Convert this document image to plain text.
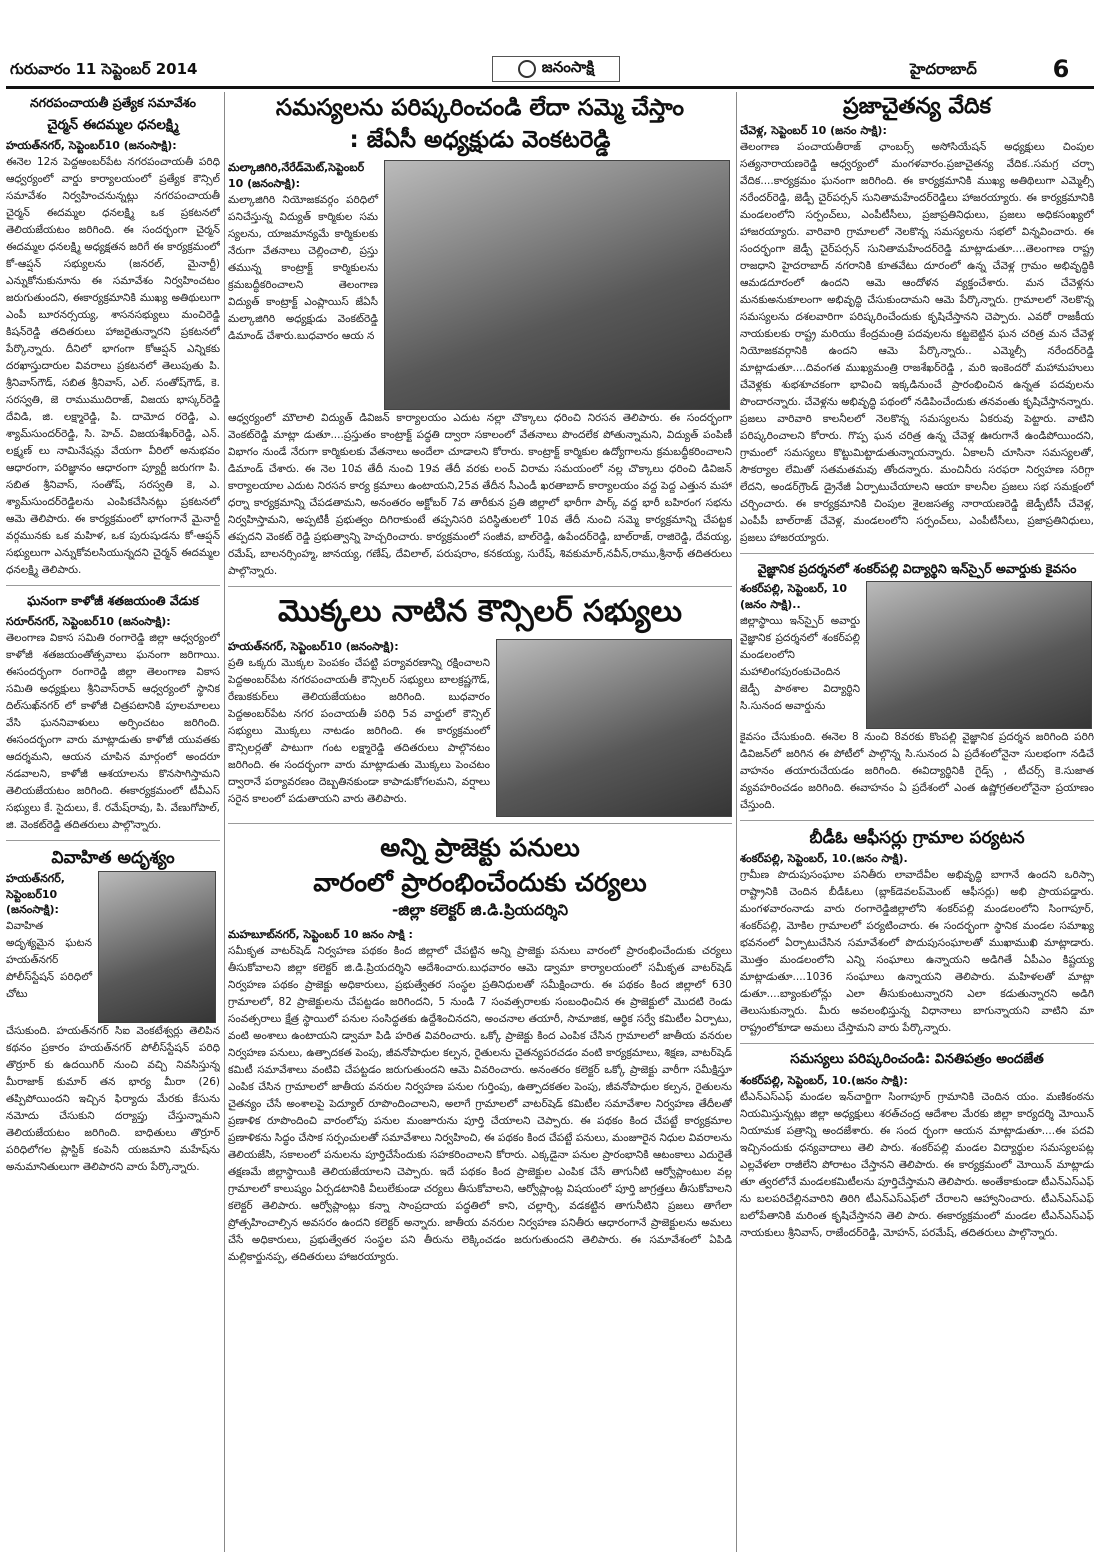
గురువారం 11 సెప్టెంబర్ 2014	జనంసాక్షి	హైదరాబాద్	6
నగరపంచాయతీ ప్రత్యేక సమావేశం
చైర్మన్ ఈదమ్మల ధనలక్ష్మి
హయత్‌నగర్, సెప్టెంబర్10 (జనంసాక్షి):
ఈనెల 12న పెద్దఅంబర్‌పేట నగరపంచాయతీ పరిధి ఆధ్వర్యంలో వార్డు కార్యాలయంలో ప్రత్యేక కౌన్సిల్ సమావేశం నిర్వహించనున్నట్లు నగరపంచాయతీ చైర్మన్ ఈదమ్మల ధనలక్ష్మి ఒక ప్రకటనలో తెలియజేయటం జరిగింది. ఈ సందర్భంగా చైర్మన్ ఈదమ్మల ధనలక్ష్మి అధ్యక్షతన జరిగే ఈ కార్యక్రమంలో కో-ఆప్షన్ సభ్యులను (జనరల్, మైనార్టీ) ఎన్నుకోనుకునూను ఈ సమావేశం నిర్వహించటం జరుగుతుందని, ఈకార్యక్రమానికి ముఖ్య అతిథులుగా ఎంపీ బూరనర్సయ్య, శాసనసభ్యులు మంచిరెడ్డి కిషన్‌రెడ్డి తదితరులు హాజరైతున్నారని ప్రకటనలో పేర్కొన్నారు. దీనిలో భాగంగా కోఆప్షన్ ఎన్నికకు దరఖాస్తుదారుల వివరాలు ప్రకటనలో తెలుపుతు పి. శ్రీనివాస్‌గౌడ్, సబిత శ్రీనివాస్, ఎల్. సంతోష్‌గౌడ్, కె. సరస్వతి, జె రాముముదిరాజ్, విజయ భాస్కర్‌రెడ్డి దేవిడి, జి. లక్ష్మారెడ్డి, పి. దామోద రరెడ్డి, ఎ. శ్యామ్‌సుందర్‌రెడ్డి, సి. హెచ్. విజయశేఖర్‌రెడ్డి, ఎన్. లక్ష్మణ్ లు నామినేషన్లు వేయగా వీరిలో అనుభవం ఆధారంగా, పరిజ్ఞానం ఆధారంగా ప్యూర్టీ జరుగగా పి. సబిత శ్రీనివాస్, సంతోష్, సరస్వతి కె, ఎ. శ్యామ్‌సుందర్‌రెడ్డిలను ఎంపికచేసినట్లు ప్రకటనలో ఆమె తెలిపారు. ఈ కార్యక్రమంలో భాగంగానే మైనార్టీ వర్గమునకు ఒక మహిళ, ఒక పురుషుడను కో-ఆప్షన్ సభ్యులుగా ఎన్నుకోవలసియున్నదని చైర్మన్ ఈదమ్మల ధనలక్ష్మి తెలిపారు.
ఘనంగా కాళోజీ శతజయంతి వేడుక
సరూర్‌నగర్, సెప్టెంబర్10 (జనంసాక్షి):
తెలంగాణ వికాస సమితి రంగారెడ్డి జిల్లా ఆధ్వర్యంలో కాళోజీ శతజయంతోత్సవాలు ఘనంగా జరిగాయి. ఈసందర్భంగా రంగారెడ్డి జిల్లా తెలంగాణ వికాస సమితి అధ్యక్షులు శ్రీనివాస్‌రావ్ ఆధ్వర్యంలో స్థానిక దిల్‌సుఖ్‌నగర్ లో కాళోజీ చిత్రపటానికి పూలమాలలు వేసి ఘననివాళులు అర్పించటం జరిగింది. ఈసందర్భంగా వారు మాట్లాడుతు కాళోజీ యువతకు ఆదర్శమని, ఆయన చూపిన మార్గంలో అందరూ నడవాలని, కాళోజీ ఆశయాలను కొనసాగిస్తామని తెలియజేయటం జరిగింది. ఈకార్యక్రమంలో టీవీఎస్ సభ్యులు కే. సైదులు, కే. రమేష్‌రావు, పి. వేణుగోపాల్, జి. వెంకట్‌రెడ్డి తదితరులు పాల్గొన్నారు.
వివాహిత అదృశ్యం
హయత్‌నగర్, సెప్టెంబర్10 (జనంసాక్షి):
వివాహిత అదృశ్యమైన ఘటన హయత్‌నగర్ పోలీస్‌స్టేషన్ పరిధిలో చోటు
చేసుకుంది. హయత్‌నగర్ సిఐ వెంకటేశ్వర్లు తెలిపిన కథనం ప్రకారం హయత్‌నగర్ పోలీస్‌స్టేషన్ పరిధి తొర్రూర్ కు ఉదయిగిర్ నుంచి వచ్చి నివసిస్తున్న మీరాజాక్ కుమార్ తన భార్య మీరా (26) తప్పిపోయిందని ఇచ్చిన ఫిర్యాదు మేరకు కేసును నమోదు చేసుకుని దర్యాప్తు చేస్తున్నామని తెలియజేయటం జరిగింది. బాధితులు తొర్రూర్ పరిధిలోగల ప్లాస్టిక్ కంపెనీ యజమాని మహేష్‌ను అనుమానితులుగా తెలిపారని వారు పేర్కొన్నారు.
సమస్యలను పరిష్కరించండి లేదా సమ్మె చేస్తాం
: జేఏసీ అధ్యక్షుడు వెంకటరెడ్డి
మల్కాజిగిరి,నేరేడ్‌మెట్,సెప్టెంబర్ 10 (జనంసాక్షి):
మల్కాజిగిరి నియోజకవర్గం పరిధిలో పనిచేస్తున్న విద్యుత్ కార్మికుల సమ స్యలను, యాజమాన్యమే కార్మికులకు నేరుగా వేతనాలు చెల్లించాలి, ప్రస్తు తమున్న కాంట్రాక్ట్ కార్మికులను క్రమబద్ధీకరించాలని తెలంగాణ విద్యుత్ కాంట్రాక్ట్ ఎంప్లాయిస్ జేఏసీ మల్కాజిగిరి అధ్యక్షుడు వెంకట్‌రెడ్డి డిమాండ్ చేశారు.బుధవారం ఆయ న
ఆధ్వర్యంలో మౌలాలి విద్యుత్ డివిజన్ కార్యాలయం ఎదుట నల్లా చొక్కాలు ధరించి నిరసన తెలిపారు. ఈ సందర్భంగా వెంకట్‌రెడ్డి మాట్లా డుతూ....ప్రస్తుతం కాంట్రాక్ట్ పద్ధతి ద్వారా సకాలంలో వేతనాలు పొందలేక పోతున్నామని, విద్యుత్ పంపిణీ విభాగం నుండే నేరుగా కార్మికులకు వేతనాలు అందేలా చూడాలని కోరారు. కాంట్రాక్ట్ కార్మికుల ఉద్యోగాలను క్రమబద్ధీకరించాలని డిమాండ్ చేశారు. ఈ నెల 10వ తేదీ నుంచి 19వ తేదీ వరకు లంచ్ విరామ సమయంలో నల్ల చొక్కాలు ధరించి డివిజన్ కార్యాలయాల ఎదుట నిరసన కార్య క్రమాలు ఉంటాయని,25వ తేదీన సీఎండీ ఖరతాబాద్ కార్యాలయం వద్ద పెద్ద ఎత్తున మహా ధర్నా కార్యక్రమాన్ని చేపడతామని, అనంతరం అక్టోబర్ 7వ తారీకున ప్రతి జిల్లాలో భారీగా పార్క్ వద్ద భారీ బహిరంగ సభను నిర్వహిస్తామని, అప్పటికీ ప్రభుత్వం దిగిరాకుంటే తప్పనిసరి పరిస్థితులలో 10వ తేదీ నుంచి సమ్మె కార్యక్రమాన్ని చేపట్టక తప్పదని వెంకట్ రెడ్డి ప్రభుత్వాన్ని హెచ్చరించారు. కార్యక్రమంలో సంజీవ, బాల్‌రెడ్డి, ఉపేందర్‌రెడ్డి, బాల్‌రాజ్, రాజిరెడ్డి, దేవయ్య, రమేష్, బాలనర్సింహ్మ, జానయ్య, గణేష్, దేవిలాల్, పరుషరాం, కనకయ్య, సురేష్, శివకుమార్,నవీన్,రాము,శ్రీనాథ్ తదితరులు పాల్గొన్నారు.
మొక్కలు నాటిన కౌన్సిలర్ సభ్యులు
హయత్‌నగర్, సెప్టెంబర్10 (జనంసాక్షి):
ప్రతి ఒక్కరు మొక్కల పెంపకం చేపట్టి పర్యావరణాన్ని రక్షించాలని పెద్దఅంబర్‌పేట నగరపంచాయతీ కౌన్సిలర్ సభ్యులు బాలక్రష్ణగౌడ్, రేణుకకుర్‌లు తెలియజేయటం జరిగింది. బుధవారం పెద్దఅంబర్‌పేట నగర పంచాయతీ పరిధి 5వ వార్డులో కౌన్సిల్ సభ్యులు మొక్కలు నాటడం జరిగింది. ఈ కార్యక్రమంలో కౌన్సిలర్లతో పాటుగా గంట లక్ష్మారెడ్డి తదితరులు పాల్గొనటం జరిగింది. ఈ సందర్భంగా వారు మాట్లాడుతు మొక్కలు పెంచటం ద్వారానే పర్యావరణం దెబ్బతినకుండా కాపాడుకోగలమని, వర్షాలు సరైన కాలంలో పడుతాయని వారు తెలిపారు.
అన్ని ప్రాజెక్టు పనులు
వారంలో ప్రారంభించేందుకు చర్యలు
-జిల్లా కలెక్టర్ జి.డి.ప్రియదర్శిని
మహబూబ్‌నగర్, సెప్టెంబర్ 10 జనం సాక్షి :
సమీకృత వాటర్‌షెడ్ నిర్వహణ పథకం కింద జిల్లాలో చేపట్టిన అన్ని ప్రాజెక్టు పనులు వారంలో ప్రారంభించేందుకు చర్యలు తీసుకోవాలని జిల్లా కలెక్టర్ జి.డి.ప్రియదర్శిని ఆదేశించారు.బుధవారం ఆమె డ్వామా కార్యాలయంలో సమీకృత వాటర్‌షెడ్ నిర్వహణ పథకం ప్రాజెక్టు అధికారులు, ప్రభుత్వేతర సంస్థల ప్రతినిధులతో సమీక్షించారు. ఈ పథకం కింద జిల్లాలో 630 గ్రామాలలో, 82 ప్రాజెక్టులను చేపట్టడం జరిగిందని, 5 నుండి 7 సంవత్సరాలకు సంబంధించిన ఈ ప్రాజెక్టులో మొదటి రెండు సంవత్సరాలు క్షేత్ర స్థాయిలో పనుల సంసిద్ధతకు ఉద్దేశించినదని, అంచనాల తయారీ, సామాజిక, ఆర్థిక సర్వే కమిటీల ఏర్పాటు, వంటి అంశాలు ఉంటాయని డ్వామా పిడి హరిత వివరించారు. ఒక్కో ప్రాజెక్టు కింద ఎంపిక చేసిన గ్రామాలలో జాతీయ వనరుల నిర్వహణ పనులు, ఉత్పాదకత పెంపు, జీవనోపాధుల కల్పన, రైతులను చైతన్యపరచడం వంటి కార్యక్రమాలు, శిక్షణ, వాటర్‌షెడ్ కమిటీ సమావేశాలు వంటివి చేపట్టడం జరుగుతుందని ఆమె వివరించారు. అనంతరం కలెక్టర్ ఒక్కో ప్రాజెక్టు వారీగా సమీక్షిస్తూ ఎంపిక చేసిన గ్రామాలలో జాతీయ వనరుల నిర్వహణ పనుల గుర్తింపు, ఉత్పాదకతల పెంపు, జీవనోపాధుల కల్పన, రైతులను చైతన్యం చేసే అంశాలపై పెద్యూల్ రూపొందించాలని, అలాగే గ్రామాలలో వాటర్‌షెడ్ కమిటీల సమావేశాల నిర్వహణ తేదీలతో ప్రణాళిక రూపొందించి వారంలోపు పనుల మంజూరును పూర్తి చేయాలని చెప్పారు. ఈ పథకం కింద చేపట్టే కార్యక్రమాల ప్రణాళికను సిద్ధం చేసాక సర్పంచులతో సమావేశాలు నిర్వహించి, ఈ పథకం కింద చేపట్టే పనులు, మంజూరైన నిధుల వివరాలను తెలియజేసి, సకాలంలో పనులను పూర్తిచేసేందుకు సహకరించాలని కోరారు. ఎక్కడైనా పనుల ప్రారంభానికి ఆటంకాలు ఎదురైతే తక్షణమే జిల్లాస్థాయికి తెలియజేయాలని చెప్పారు. ఇదే పథకం కింద ప్రాజెక్టుల ఎంపిక చేసే తాగునీటి ఆర్వోప్లాంటుల వల్ల గ్రామాలలో కాలుష్యం ఏర్పడటానికి వీలులేకుండా చర్యలు తీసుకోవాలని, ఆర్వోప్లాంట్ల విషయంలో పూర్తి జాగ్రత్తలు తీసుకోవాలని కలెక్టర్ తెలిపారు. ఆర్వోప్లాంట్లు కన్నా సాంప్రదాయ పద్ధతిలో కాని, చల్లార్చి, వడకట్టిన తాగునీటిని ప్రజలు తాగేలా ప్రోత్సహించాల్సిన అవసరం ఉందని కలెక్టర్ అన్నారు. జాతీయ వనరుల నిర్వహణ పనితీరు ఆధారంగానే ప్రాజెక్టులను అమలు చేసే అధికారులు, ప్రభుత్వేతర సంస్థల పని తీరును లెక్కించడం జరుగుతుందని తెలిపారు. ఈ సమావేశంలో ఏపిడి మల్లికార్జునప్ప, తదితరులు హాజరయ్యారు.
ప్రజాచైతన్య వేదిక
చేవెళ్ల, సెప్టెంబర్ 10 (జనం సాక్షి):
తెలంగాణ పంచాయతీరాజ్ ఛాంబర్స్ అసోసియేషన్ అధ్యక్షులు చింపుల సత్యనారాయణరెడ్డి ఆధ్వర్యంలో మంగళవారం.ప్రజాచైతన్య వేదిక..సమగ్ర చర్చా వేదిక....కార్యక్రమం ఘనంగా జరిగింది. ఈ కార్యక్రమానికి ముఖ్య అతిథిలుగా ఎమ్మెల్సీ నరేందర్‌రెడ్డి, జెడ్పీ చైర్‌పర్సన్ సునితామహేందర్‌రెడ్డిలు హాజరయ్యారు. ఈ కార్యక్రమానికి మండలంలోని సర్పంచ్‌లు, ఎంపీటీసీలు, ప్రజాప్రతినిధులు, ప్రజలు అధికసంఖ్యలో హాజరయ్యారు. వారివారి గ్రామాలలో నెలకొన్న సమస్యలను సభలో విన్నవించారు. ఈ సందర్భంగా జెడ్పీ చైర్‌పర్సన్ సునితామహేందర్‌రెడ్డి మాట్లాడుతూ....తెలంగాణ రాష్ట్ర రాజధాని హైదరాబాద్ నగరానికి కూతవేటు దూరంలో ఉన్న చేవెళ్ల గ్రామం అభివృద్ధికి ఆమడదూరంలో ఉందని ఆమె ఆందోళన వ్యక్తంచేశారు. మన చేవెళ్లను మనకుఅనుకూలంగా అభివృద్ధి చేసుకుందామని ఆమె పేర్కొన్నారు. గ్రామాలలో నెలకొన్న సమస్యలను దశలవారిగా పరిష్కరించేందుకు కృషిచేస్తానని చెప్పారు. ఎవరో రాజకీయ నాయకులకు రాష్ట్ర మరియు కేంద్రమంత్రి పదవులను కట్టబెట్టిన ఘన చరిత్ర మన చేవెళ్ల నియోజకవర్గానికి ఉందని ఆమె పేర్కొన్నారు.. ఎమ్మెల్సీ నరేందర్‌రెడ్డి మాట్లాడుతూ....దివంగత ముఖ్యమంత్రి రాజశేఖర్‌రెడ్డి , మరి ఇంకెందరో మహామహులు చేవెళ్లకు శుభశూచకంగా భావించి ఇక్కడినుంచే ప్రారంభించిన ఉన్నత పదవులను పొందారన్నారు. చేవెళ్లను అభివృద్ధి పథంలో నడిపించేందుకు తనవంతు కృషిచేస్తానన్నారు. ప్రజలు వారివారి కాలనీలలో నెలకొన్న సమస్యలను ఏకరువు పెట్టారు. వాటిని పరిష్కరించాలని కోరారు. గొప్ప ఘన చరిత్ర ఉన్న చేవెళ్ల ఊరుగానే ఉండిపోయిందని, గ్రామంలో సమస్యలు కొట్టుమిట్టాడుతున్నాయన్నారు. ఏకాలనీ చూసినా సమస్యలతో, సౌకర్యాల లేమితో సతమతమవు తోందన్నారు. మంచినీరు సరఫరా నిర్వహణ సరిగ్గా లేదని, అండర్‌గ్రౌండ్ డ్రైనేజీ ఏర్పాటుచేయాలని ఆయా కాలనీల ప్రజలు సభ సమక్షంలో చర్చించారు. ఈ కార్యక్రమానికి చింపుల శైలజసత్య నారాయణరెడ్డి జెడ్పీటీసీ చేవెళ్ల, ఎంపీపీ బాల్‌రాజ్ చేవెళ్ల, మండలంలోని సర్పంచ్‌లు, ఎంపీటీసీలు, ప్రజాప్రతినిధులు, ప్రజలు హాజరయ్యారు.
వైజ్ఞానిక ప్రదర్శనలో శంకర్‌పల్లి విద్యార్థిని ఇన్‌స్పైర్ అవార్డుకు కైవసం
శంకర్‌పల్లి, సెప్టెంబర్, 10 (జనం సాక్షి)..
జిల్లాస్థాయి ఇన్‌స్పైర్ అవార్డు వైజ్ఞానిక ప్రదర్శనలో శంకర్‌పల్లి మండలంలోని మహాలింగపురంకుచెందిన జెడ్పీ పాఠశాల విద్యార్థిని సి.సునంద అవార్డును
కైవసం చేసుకుంది. ఈనెల 8 నుంచి 8వరకు కొంపల్లి వైజ్ఞానిక ప్రదర్శన జరిగింది పరిగి డివిజన్‌లో జరిగిన ఈ పోటీలో పాల్గొన్న సి.సునంద ఏ ప్రదేశంలోనైనా సులభంగా నడిచే వాహనం తయారుచేయడం జరిగింది. ఈవిద్యార్థినికి గైడ్స్ , టీచర్స్ కె.సుజాత వ్యవహరించడం జరిగింది. ఈవాహనం ఏ ప్రదేశంలో ఎంత ఉష్ణోగ్రతలలోనైనా ప్రయాణం చేస్తుంది.
బీడీఓ ఆఫీసర్లు గ్రామాల పర్యటన
శంకర్‌పల్లి, సెప్టెంబర్, 10.(జనం సాక్షి).
గ్రామీణ పొదుపుసంఘాల పనితీరు లావాదేవీల అభివృద్ధి బాగానే ఉందని ఒరిస్సా రాష్ట్రానికి చెందిన బీడీఓలు (బ్లాక్‌డెవలప్‌మెంట్ ఆఫీసర్లు) అభి ప్రాయపడ్డారు. మంగళవారంనాడు వారు రంగారెడ్డిజిల్లాలోని శంకర్‌పల్లి మండలంలోని సింగాపూర్, శంకర్‌పల్లి, మోకిల గ్రామాలలో పర్యటించారు. ఈ సందర్భంగా స్థానిక మండల సమాఖ్య భవనంలో ఏర్పాటుచేసిన సమావేశంలో పొదుపుసంఘాలతో ముఖాముఖి మాట్లాడారు. మొత్తం మండలంలోని ఎన్ని సంఘాలు ఉన్నాయని అడిగితే ఏపీఎం కిష్టయ్య మాట్లాడుతూ....1036 సంఘాలు ఉన్నాయని తెలిపారు. మహిళలతో మాట్లా డుతూ....బ్యాంకులోన్లు ఎలా తీసుకుంటున్నారని ఎలా కడుతున్నారని అడిగి తెలుసుకున్నారు. మీరు అవలంభిస్తున్న విధానాలు బాగున్నాయని వాటిని మా రాష్ట్రంలోకూడా అమలు చేస్తామని వారు పేర్కొన్నారు.
సమస్యలు పరిష్కరించండి: వినతిపత్రం అందజేత
శంకర్‌పల్లి, సెప్టెంబర్, 10.(జనం సాక్షి):
టీఎన్‌ఎస్‌ఎఫ్ మండల ఇన్‌చార్జిగా సింగాపూర్ గ్రామానికి చెందిన యం. మణికంఠను నియమిస్తున్నట్లు జిల్లా అధ్యక్షులు శరత్‌చంద్ర ఆదేశాల మేరకు జిల్లా కార్యదర్శి మోయిన్ నియామక పత్రాన్ని అందజేశారు. ఈ సంద ర్భంగా ఆయన మాట్లాడుతూ....ఈ పదవి ఇచ్చినందుకు ధన్యవాదాలు తెలి పారు. శంకర్‌పల్లి మండల విద్యార్థుల సమస్యలపట్ల ఎల్లవేళలా రాజీలేని పోరాటం చేస్తానని తెలిపారు. ఈ కార్యక్రమంలో మోయిన్ మాట్లాడు తూ త్వరలోనే మండలకమిటీలను పూర్తిచేస్తామని తెలిపారు. అంతేకాకుండా టీఎన్‌ఎస్‌ఎఫ్ ను బలపరిచేల్లినవారిని తిరిగి టీఎన్‌ఎస్‌ఎఫ్‌లో చేరాలని ఆహ్వానించారు. టీఎన్‌ఎస్‌ఎఫ్ బలోపేతానికి మరింత కృషిచేస్తానని తెలి పారు. ఈకార్యక్రమంలో మండల టీఎన్‌ఎస్‌ఎఫ్ నాయకులు శ్రీనివాస్, రాజేందర్‌రెడ్డి, మోహన్, పరమేష్, తదితరులు పాల్గొన్నారు.
